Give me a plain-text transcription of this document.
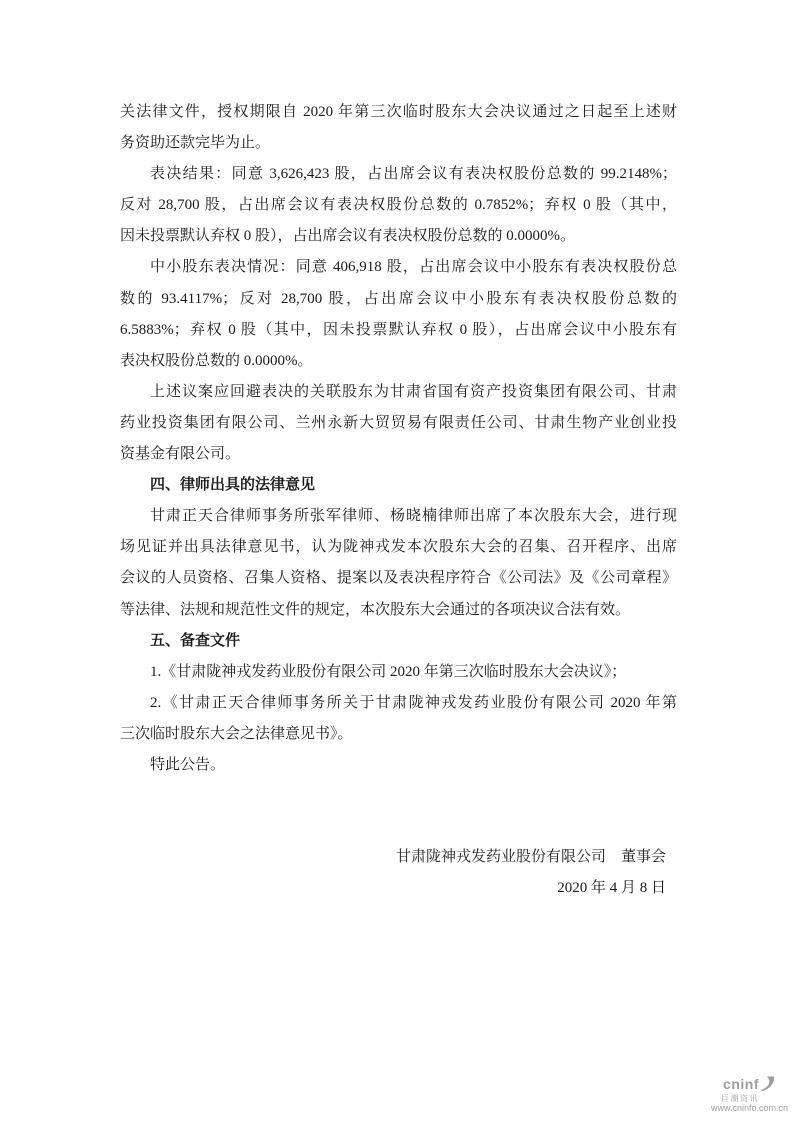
关法律文件，授权期限自 2020 年第三次临时股东大会决议通过之日起至上述财
务资助还款完毕为止。
表决结果：同意 3,626,423 股，占出席会议有表决权股份总数的 99.2148%；
反对 28,700 股，占出席会议有表决权股份总数的 0.7852%；弃权 0 股（其中，
因未投票默认弃权 0 股），占出席会议有表决权股份总数的 0.0000%。
中小股东表决情况：同意 406,918 股，占出席会议中小股东有表决权股份总
数的 93.4117%；反对 28,700 股，占出席会议中小股东有表决权股份总数的
6.5883%；弃权 0 股（其中，因未投票默认弃权 0 股），占出席会议中小股东有
表决权股份总数的 0.0000%。
上述议案应回避表决的关联股东为甘肃省国有资产投资集团有限公司、甘肃
药业投资集团有限公司、兰州永新大贸贸易有限责任公司、甘肃生物产业创业投
资基金有限公司。
四、律师出具的法律意见
甘肃正天合律师事务所张军律师、杨晓楠律师出席了本次股东大会，进行现
场见证并出具法律意见书，认为陇神戎发本次股东大会的召集、召开程序、出席
会议的人员资格、召集人资格、提案以及表决程序符合《公司法》及《公司章程》
等法律、法规和规范性文件的规定，本次股东大会通过的各项决议合法有效。
五、备查文件
1.《甘肃陇神戎发药业股份有限公司 2020 年第三次临时股东大会决议》；
2.《甘肃正天合律师事务所关于甘肃陇神戎发药业股份有限公司 2020 年第
三次临时股东大会之法律意见书》。
特此公告。
甘肃陇神戎发药业股份有限公司　董事会
2020 年 4 月 8 日
cninf
巨潮资讯
www.cninfo.com.cn
